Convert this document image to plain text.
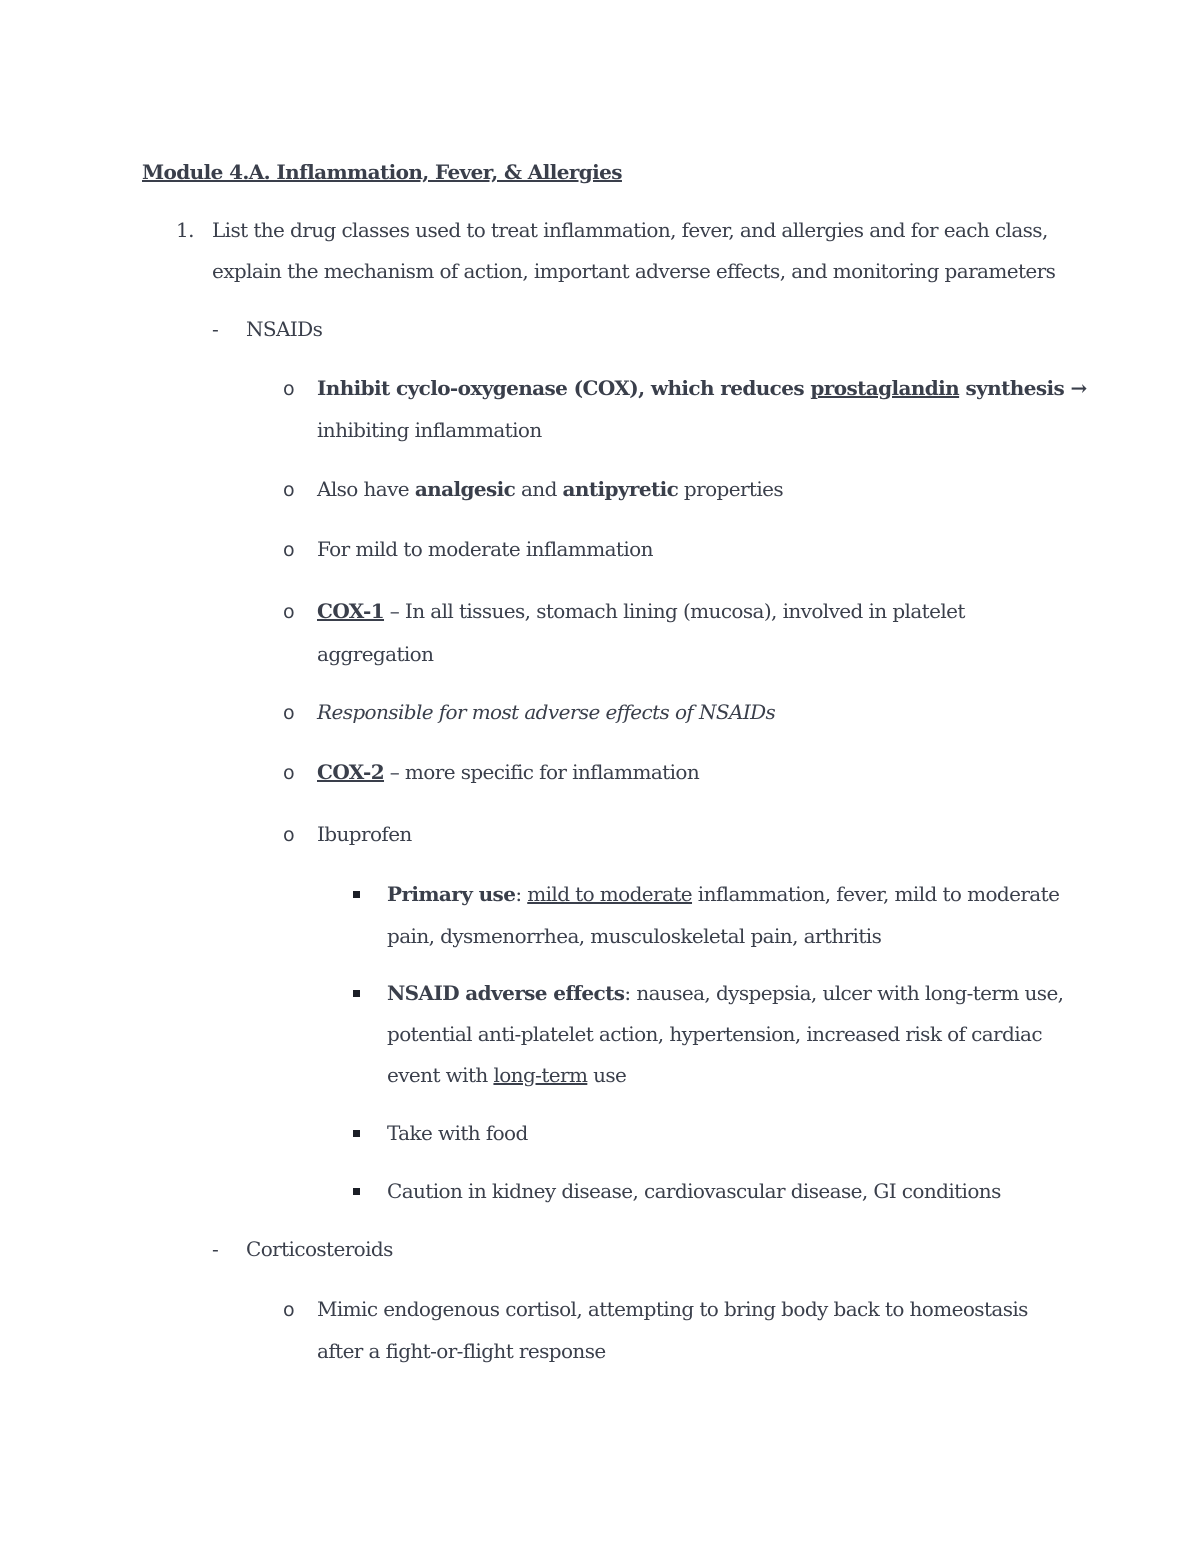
Module 4.A. Inflammation, Fever, & Allergies
1. List the drug classes used to treat inflammation, fever, and allergies and for each class,
explain the mechanism of action, important adverse effects, and monitoring parameters
- NSAIDs
o Inhibit cyclo-oxygenase (COX), which reduces prostaglandin synthesis →
inhibiting inflammation
o Also have analgesic and antipyretic properties
o For mild to moderate inflammation
o COX-1 – In all tissues, stomach lining (mucosa), involved in platelet
aggregation
o Responsible for most adverse effects of NSAIDs
o COX-2 – more specific for inflammation
o Ibuprofen
Primary use: mild to moderate inflammation, fever, mild to moderate
pain, dysmenorrhea, musculoskeletal pain, arthritis
NSAID adverse effects: nausea, dyspepsia, ulcer with long-term use,
potential anti-platelet action, hypertension, increased risk of cardiac
event with long-term use
Take with food
Caution in kidney disease, cardiovascular disease, GI conditions
- Corticosteroids
o Mimic endogenous cortisol, attempting to bring body back to homeostasis
after a fight-or-flight response
